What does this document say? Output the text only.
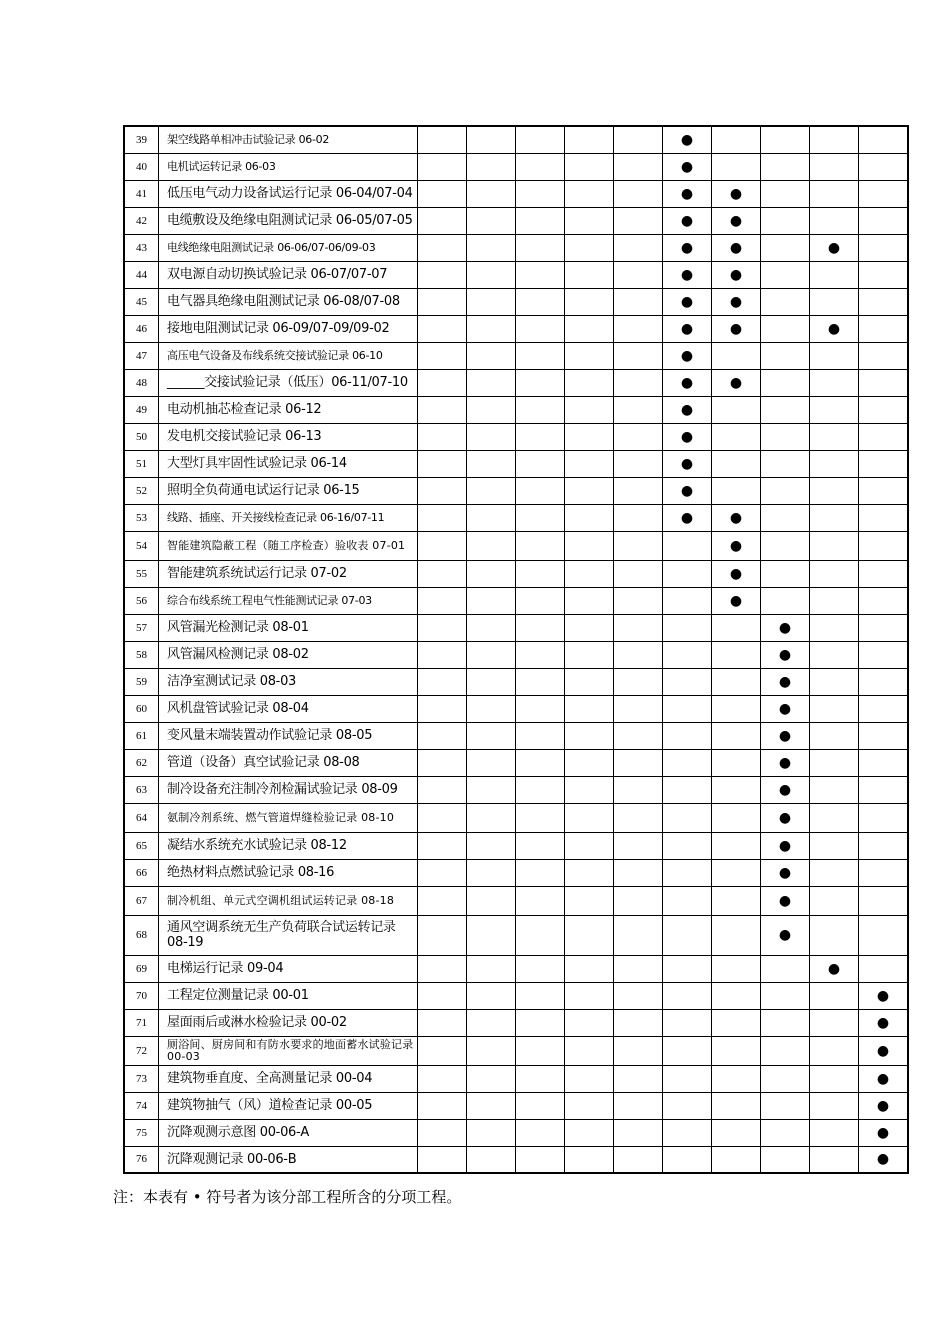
39	架空线路单相冲击试验记录 06-02						●				
40	电机试运转记录 06-03						●				
41	低压电气动力设备试运行记录 06-04/07-04						●	●			
42	电缆敷设及绝缘电阻测试记录 06-05/07-05						●	●			
43	电线绝缘电阻测试记录 06-06/07-06/09-03						●	●		●	
44	双电源自动切换试验记录 06-07/07-07						●	●			
45	电气器具绝缘电阻测试记录 06-08/07-08						●	●			
46	接地电阻测试记录 06-09/07-09/09-02						●	●		●	
47	高压电气设备及布线系统交接试验记录 06-10						●				
48	______交接试验记录（低压）06-11/07-10						●	●			
49	电动机抽芯检查记录 06-12						●				
50	发电机交接试验记录 06-13						●				
51	大型灯具牢固性试验记录 06-14						●				
52	照明全负荷通电试运行记录 06-15						●				
53	线路、插座、开关接线检查记录 06-16/07-11						●	●			
54	智能建筑隐蔽工程（随工序检查）验收表 07-01							●			
55	智能建筑系统试运行记录 07-02							●			
56	综合布线系统工程电气性能测试记录 07-03							●			
57	风管漏光检测记录 08-01								●		
58	风管漏风检测记录 08-02								●		
59	洁净室测试记录 08-03								●		
60	风机盘管试验记录 08-04								●		
61	变风量末端装置动作试验记录 08-05								●		
62	管道（设备）真空试验记录 08-08								●		
63	制冷设备充注制冷剂检漏试验记录 08-09								●		
64	氨制冷剂系统、燃气管道焊缝检验记录 08-10								●		
65	凝结水系统充水试验记录 08-12								●		
66	绝热材料点燃试验记录 08-16								●		
67	制冷机组、单元式空调机组试运转记录 08-18								●		
68	通风空调系统无生产负荷联合试运转记录 08-19								●		
69	电梯运行记录 09-04									●	
70	工程定位测量记录 00-01										●
71	屋面雨后或淋水检验记录 00-02										●
72	厕浴间、厨房间和有防水要求的地面蓄水试验记录 00-03										●
73	建筑物垂直度、全高测量记录 00-04										●
74	建筑物抽气（风）道检查记录 00-05										●
75	沉降观测示意图 00-06-A										●
76	沉降观测记录 00-06-B										●
注：本表有 • 符号者为该分部工程所含的分项工程。
